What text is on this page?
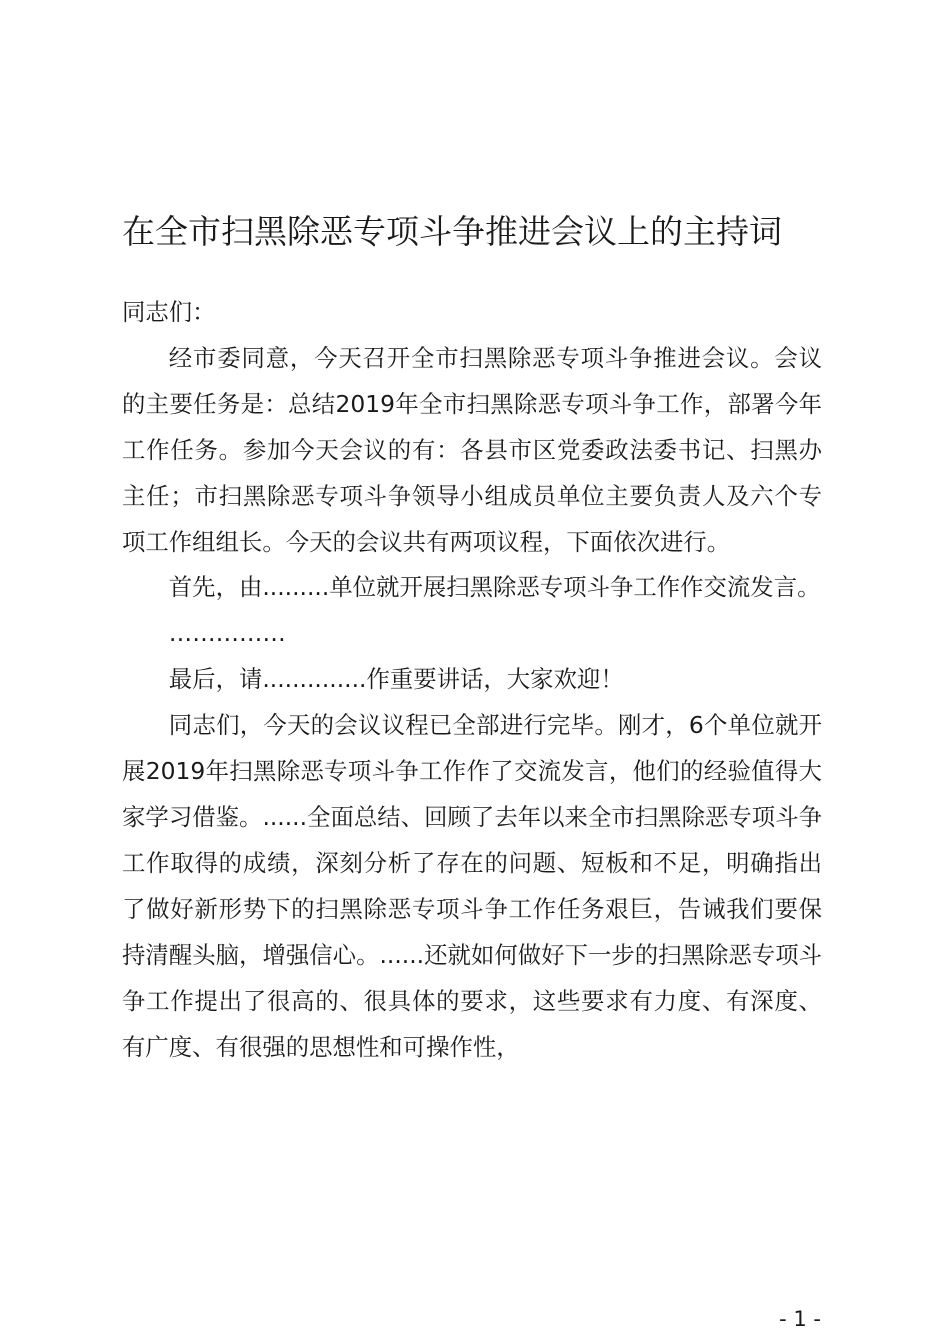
在全市扫黑除恶专项斗争推进会议上的主持词

同志们：

经市委同意，今天召开全市扫黑除恶专项斗争推进会议。会议的主要任务是：总结2019年全市扫黑除恶专项斗争工作，部署今年工作任务。参加今天会议的有：各县市区党委政法委书记、扫黑办主任；市扫黑除恶专项斗争领导小组成员单位主要负责人及六个专项工作组组长。今天的会议共有两项议程，下面依次进行。

首先，由.........单位就开展扫黑除恶专项斗争工作作交流发言。

……………

最后，请..............作重要讲话，大家欢迎！

同志们，今天的会议议程已全部进行完毕。刚才，6个单位就开展2019年扫黑除恶专项斗争工作作了交流发言，他们的经验值得大家学习借鉴。......全面总结、回顾了去年以来全市扫黑除恶专项斗争工作取得的成绩，深刻分析了存在的问题、短板和不足，明确指出了做好新形势下的扫黑除恶专项斗争工作任务艰巨，告诫我们要保持清醒头脑，增强信心。......还就如何做好下一步的扫黑除恶专项斗争工作提出了很高的、很具体的要求，这些要求有力度、有深度、有广度、有很强的思想性和可操作性，

- 1 -
